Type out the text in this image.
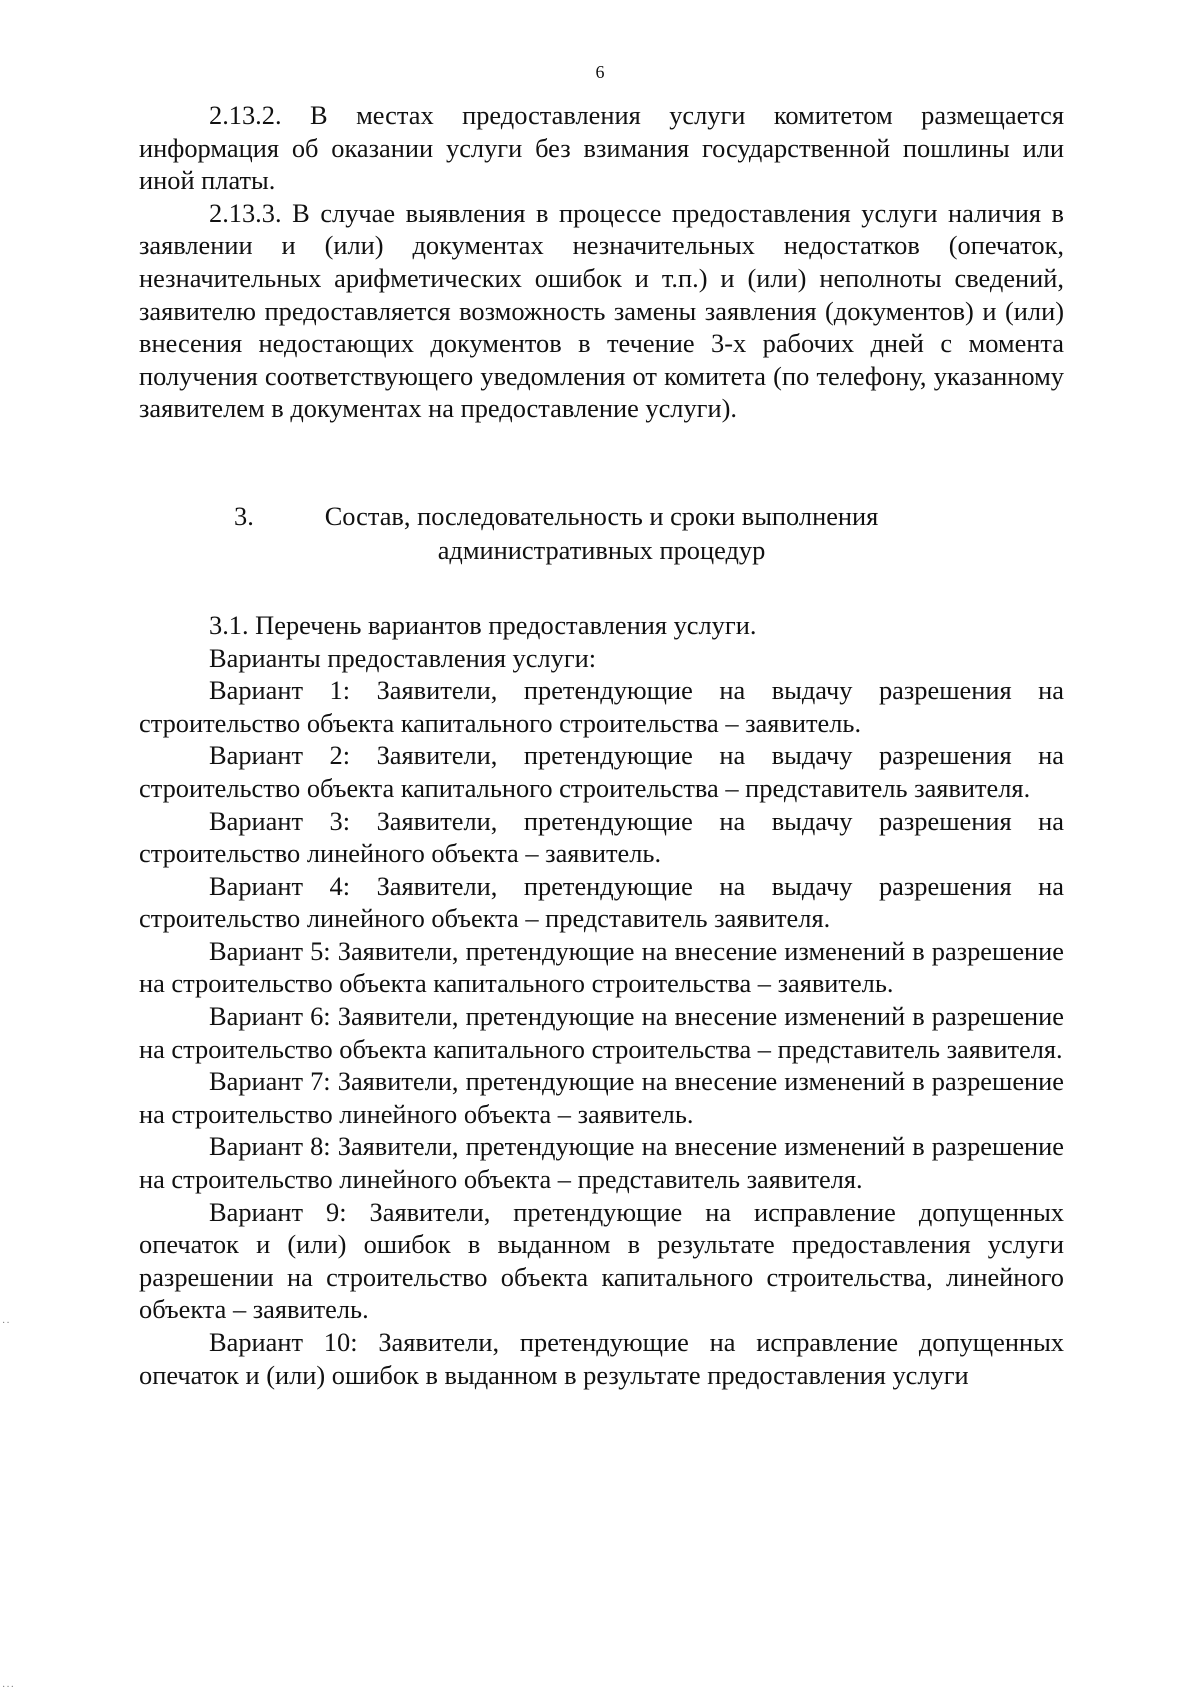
6

2.13.2. В местах предоставления услуги комитетом размещается информация об оказании услуги без взимания государственной пошлины или иной платы.

2.13.3. В случае выявления в процессе предоставления услуги наличия в заявлении и (или) документах незначительных недостатков (опечаток, незначительных арифметических ошибок и т.п.) и (или) неполноты сведений, заявителю предоставляется возможность замены заявления (документов) и (или) внесения недостающих документов в течение 3-х рабочих дней с момента получения соответствующего уведомления от комитета (по телефону, указанному заявителем в документах на предоставление услуги).

3.	Состав, последовательность и сроки выполнения
административных процедур

3.1. Перечень вариантов предоставления услуги.

Варианты предоставления услуги:

Вариант 1: Заявители, претендующие на выдачу разрешения на строительство объекта капитального строительства – заявитель.

Вариант 2: Заявители, претендующие на выдачу разрешения на строительство объекта капитального строительства – представитель заявителя.

Вариант 3: Заявители, претендующие на выдачу разрешения на строительство линейного объекта – заявитель.

Вариант 4: Заявители, претендующие на выдачу разрешения на строительство линейного объекта – представитель заявителя.

Вариант 5: Заявители, претендующие на внесение изменений в разрешение на строительство объекта капитального строительства – заявитель.

Вариант 6: Заявители, претендующие на внесение изменений в разрешение на строительство объекта капитального строительства – представитель заявителя.

Вариант 7: Заявители, претендующие на внесение изменений в разрешение на строительство линейного объекта – заявитель.

Вариант 8: Заявители, претендующие на внесение изменений в разрешение на строительство линейного объекта – представитель заявителя.

Вариант 9: Заявители, претендующие на исправление допущенных опечаток и (или) ошибок в выданном в результате предоставления услуги разрешении на строительство объекта капитального строительства, линейного объекта – заявитель.

Вариант 10: Заявители, претендующие на исправление допущенных опечаток и (или) ошибок в выданном в результате предоставления услуги

··
···
